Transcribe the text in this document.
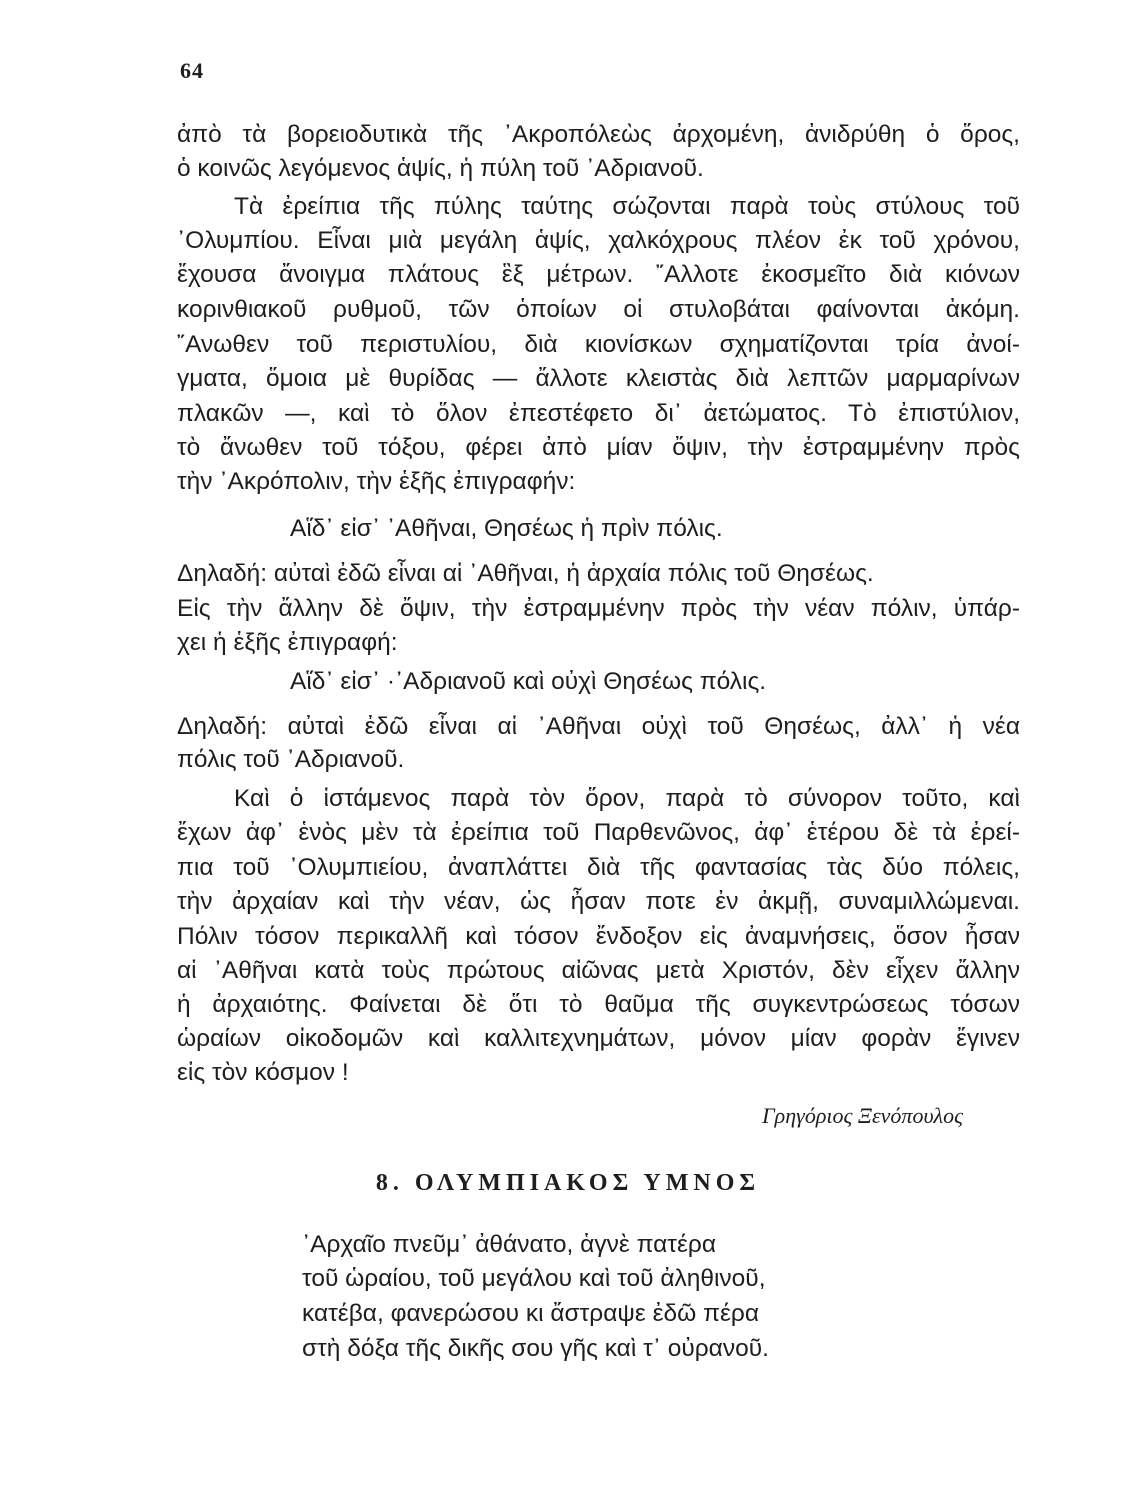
64
ἀπὸ τὰ βορειοδυτικὰ τῆς ᾿Ακροπόλεὼς ἀρχομένη, ἀνιδρύθη ὁ ὅρος,
ὁ κοινῶς λεγόμενος ἁψίς, ἡ πύλη τοῦ ᾿Αδριανοῦ.
Τὰ ἐρείπια τῆς πύλης ταύτης σώζονται παρὰ τοὺς στύλους τοῦ
᾿Ολυμπίου. Εἶναι μιὰ μεγάλη ἁψίς, χαλκόχρους πλέον ἐκ τοῦ χρόνου,
ἔχουσα ἄνοιγμα πλάτους ἓξ μέτρων. ῎Αλλοτε ἐκοσμεῖτο διὰ κιόνων
κορινθιακοῦ ρυθμοῦ, τῶν ὁποίων οἱ στυλοβάται φαίνονται ἀκόμη.
῎Ανωθεν τοῦ περιστυλίου, διὰ κιονίσκων σχηματίζονται τρία ἀνοί-
γματα, ὅμοια μὲ θυρίδας — ἄλλοτε κλειστὰς διὰ λεπτῶν μαρμαρίνων
πλακῶν —, καὶ τὸ ὅλον ἐπεστέφετο δι᾿ ἀετώματος. Τὸ ἐπιστύλιον,
τὸ ἄνωθεν τοῦ τόξου, φέρει ἀπὸ μίαν ὄψιν, τὴν ἐστραμμένην πρὸς
τὴν ᾿Ακρόπολιν, τὴν ἑξῆς ἐπιγραφήν:
Αἵδ᾿ εἰσ᾿ ᾿Αθῆναι, Θησέως ἡ πρὶν πόλις.
Δηλαδή: αὐταὶ ἐδῶ εἶναι αἱ ᾿Αθῆναι, ἡ ἀρχαία πόλις τοῦ Θησέως.
Εἰς τὴν ἄλλην δὲ ὄψιν, τὴν ἐστραμμένην πρὸς τὴν νέαν πόλιν, ὑπάρ-
χει ἡ ἑξῆς ἐπιγραφή:
Αἵδ᾿ εἰσ᾿ ·᾿Αδριανοῦ καὶ οὐχὶ Θησέως πόλις.
Δηλαδή: αὐταὶ ἐδῶ εἶναι αἱ ᾿Αθῆναι οὐχὶ τοῦ Θησέως, ἀλλ᾿ ἡ νέα
πόλις τοῦ ᾿Αδριανοῦ.
Καὶ ὁ ἱστάμενος παρὰ τὸν ὅρον, παρὰ τὸ σύνορον τοῦτο, καὶ
ἔχων ἀφ᾿ ἑνὸς μὲν τὰ ἐρείπια τοῦ Παρθενῶνος, ἀφ᾿ ἑτέρου δὲ τὰ ἐρεί-
πια τοῦ ᾿Ολυμπιείου, ἀναπλάττει διὰ τῆς φαντασίας τὰς δύο πόλεις,
τὴν ἀρχαίαν καὶ τὴν νέαν, ὡς ἦσαν ποτε ἐν ἀκμῇ, συναμιλλώμεναι.
Πόλιν τόσον περικαλλῆ καὶ τόσον ἔνδοξον εἰς ἀναμνήσεις, ὅσον ἦσαν
αἱ ᾿Αθῆναι κατὰ τοὺς πρώτους αἰῶνας μετὰ Χριστόν, δὲν εἶχεν ἄλλην
ἡ ἀρχαιότης. Φαίνεται δὲ ὅτι τὸ θαῦμα τῆς συγκεντρώσεως τόσων
ὡραίων οἰκοδομῶν καὶ καλλιτεχνημάτων, μόνον μίαν φορὰν ἔγινεν
εἰς τὸν κόσμον !
Γρηγόριος Ξενόπουλος
8. ΟΛΥΜΠΙΑΚΟΣ ΥΜΝΟΣ
᾿Αρχαῖο πνεῦμ᾿ ἀθάνατο, ἁγνὲ πατέρα
τοῦ ὡραίου, τοῦ μεγάλου καὶ τοῦ ἀληθινοῦ,
κατέβα, φανερώσου κι ἄστραψε ἐδῶ πέρα
στὴ δόξα τῆς δικῆς σου γῆς καὶ τ᾿ οὐρανοῦ.
